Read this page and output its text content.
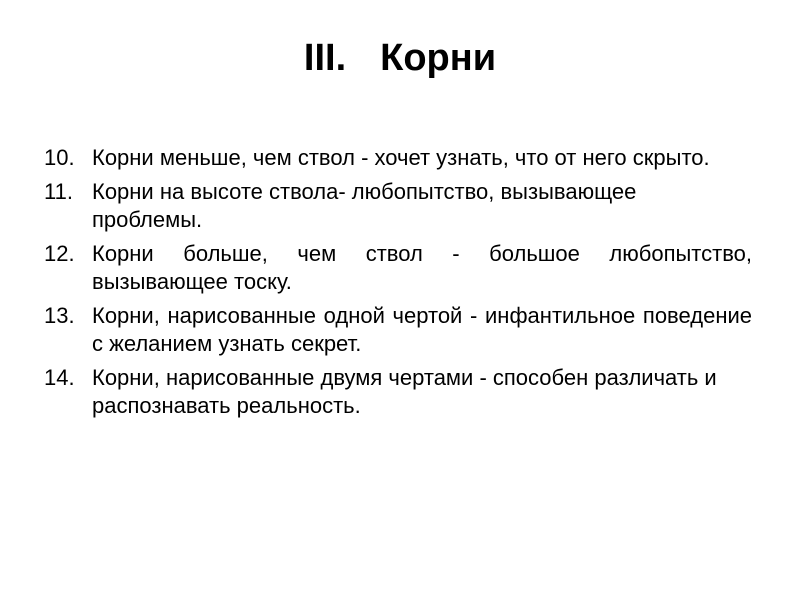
III. Корни
10. Корни меньше, чем ствол - хочет узнать, что от него скрыто.
11. Корни на высоте ствола- любопытство, вызывающее проблемы.
12. Корни больше, чем ствол - большое любопытство, вызывающее тоску.
13. Корни, нарисованные одной чертой - инфантильное поведение с желанием узнать секрет.
14. Корни, нарисованные двумя чертами - способен различать и распознавать реальность.
